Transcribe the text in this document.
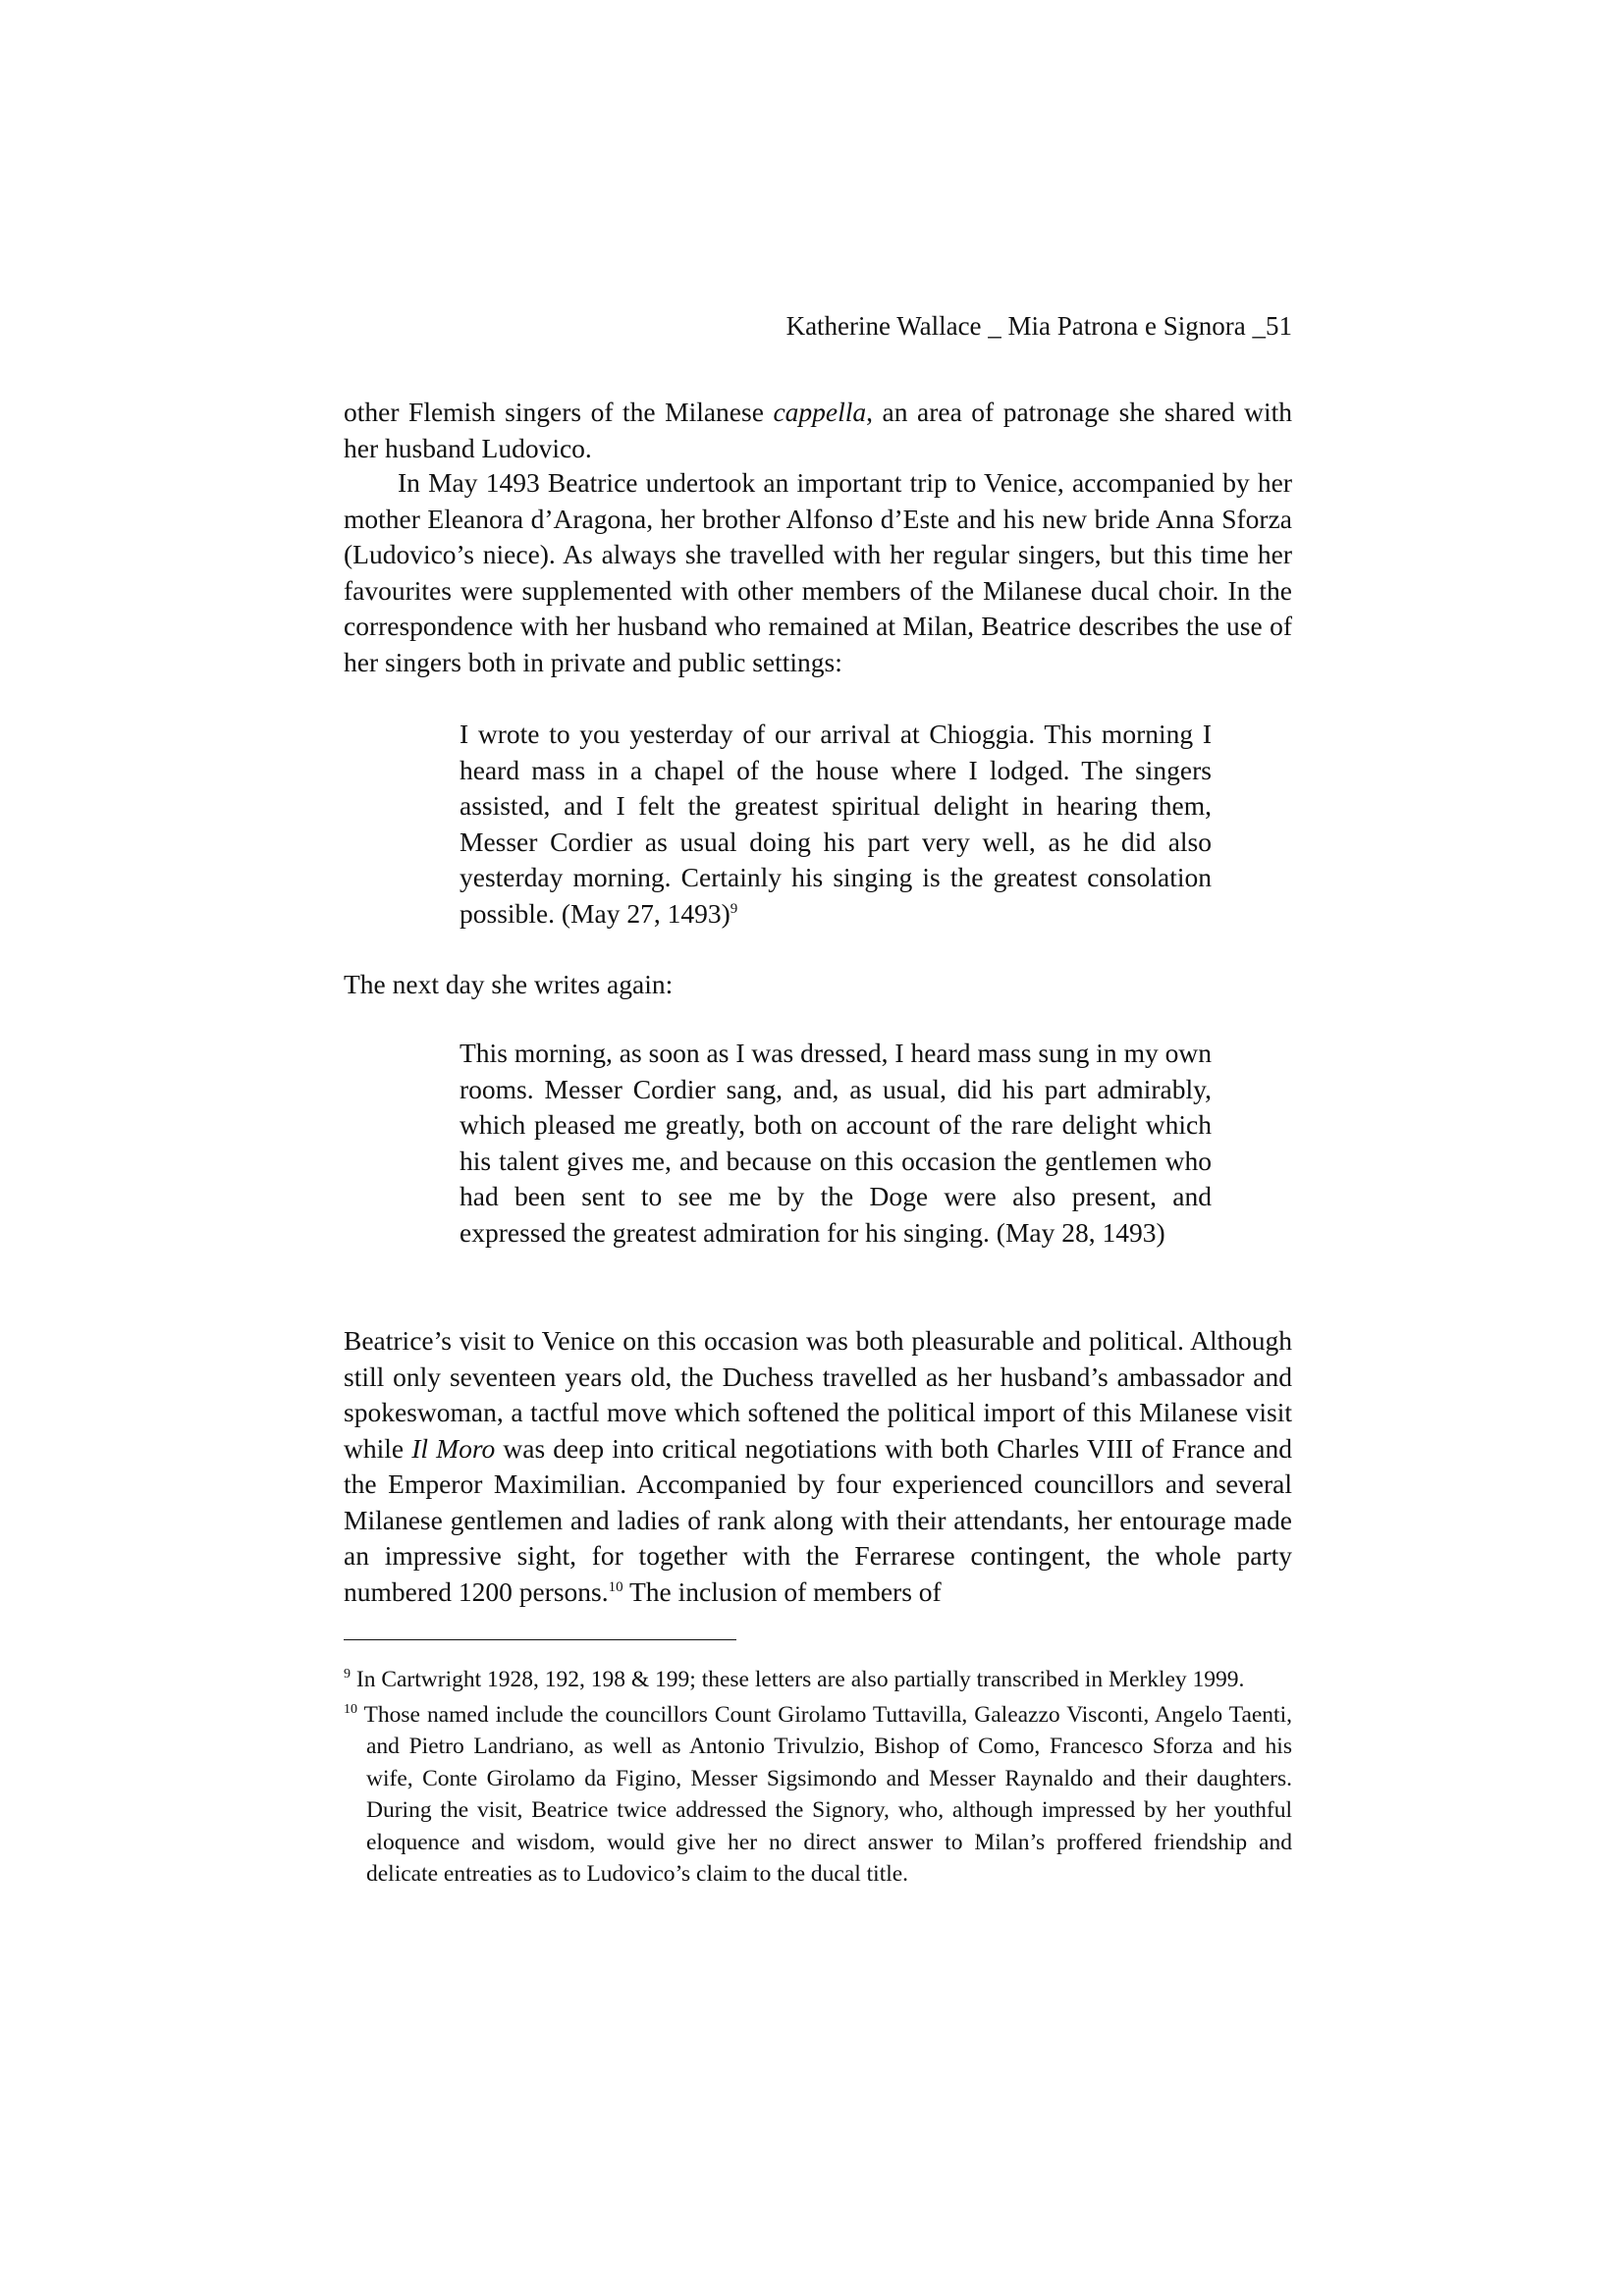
Katherine Wallace _ Mia Patrona e Signora _51

other Flemish singers of the Milanese cappella, an area of patronage she shared with her husband Ludovico.

In May 1493 Beatrice undertook an important trip to Venice, accompanied by her mother Eleanora d’Aragona, her brother Alfonso d’Este and his new bride Anna Sforza (Ludovico’s niece). As always she travelled with her regular singers, but this time her favourites were supplemented with other members of the Milanese ducal choir. In the correspondence with her husband who remained at Milan, Beatrice describes the use of her singers both in private and public settings:

I wrote to you yesterday of our arrival at Chioggia. This morning I heard mass in a chapel of the house where I lodged. The singers assisted, and I felt the greatest spiritual delight in hearing them, Messer Cordier as usual doing his part very well, as he did also yesterday morning. Certainly his singing is the greatest consolation possible. (May 27, 1493)$^9$

The next day she writes again:

This morning, as soon as I was dressed, I heard mass sung in my own rooms. Messer Cordier sang, and, as usual, did his part admirably, which pleased me greatly, both on account of the rare delight which his talent gives me, and because on this occasion the gentlemen who had been sent to see me by the Doge were also present, and expressed the greatest admiration for his singing. (May 28, 1493)

Beatrice’s visit to Venice on this occasion was both pleasurable and political. Although still only seventeen years old, the Duchess travelled as her husband’s ambassador and spokeswoman, a tactful move which softened the political import of this Milanese visit while Il Moro was deep into critical negotiations with both Charles VIII of France and the Emperor Maximilian. Accompanied by four experienced councillors and several Milanese gentlemen and ladies of rank along with their attendants, her entourage made an impressive sight, for together with the Ferrarese contingent, the whole party numbered 1200 persons.$^{10}$ The inclusion of members of

$^9$ In Cartwright 1928, 192, 198 & 199; these letters are also partially transcribed in Merkley 1999.

$^{10}$ Those named include the councillors Count Girolamo Tuttavilla, Galeazzo Visconti, Angelo Taenti, and Pietro Landriano, as well as Antonio Trivulzio, Bishop of Como, Francesco Sforza and his wife, Conte Girolamo da Figino, Messer Sigsimondo and Messer Raynaldo and their daughters. During the visit, Beatrice twice addressed the Signory, who, although impressed by her youthful eloquence and wisdom, would give her no direct answer to Milan’s proffered friendship and delicate entreaties as to Ludovico’s claim to the ducal title.
